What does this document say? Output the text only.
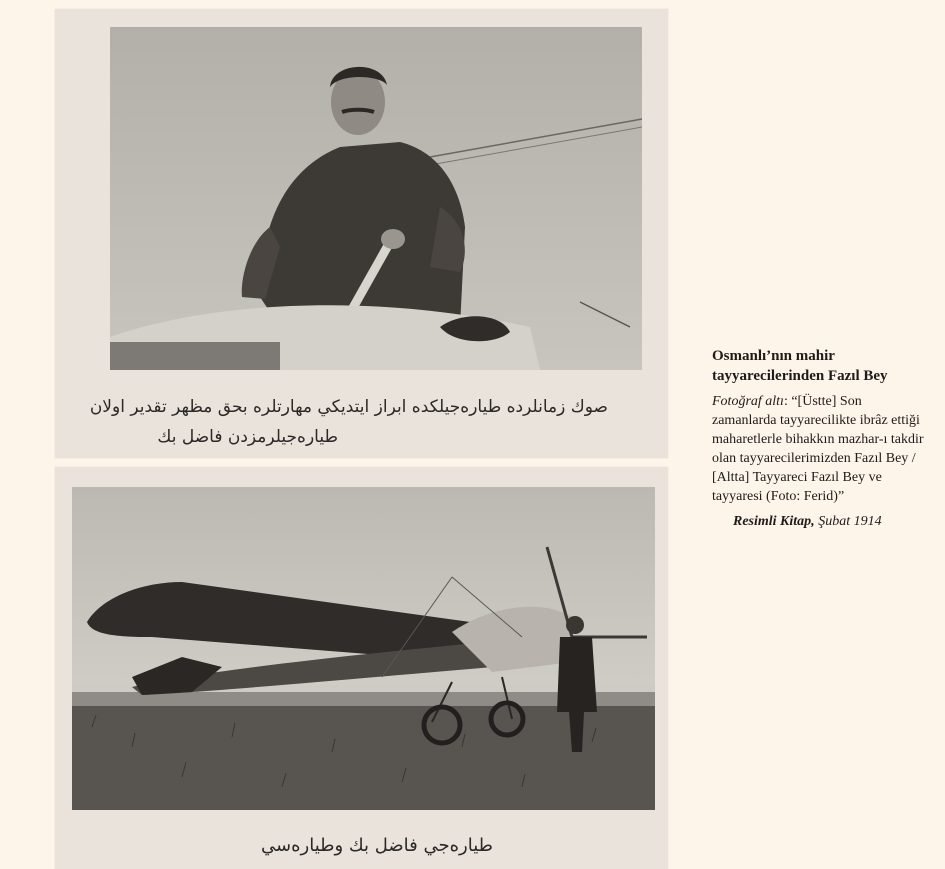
صوك زمانلرده طياره‌جيلكده ابراز ايتديكي مهارتلره بحق مظهر تقدير اولان
طياره‌جيلرمزدن فاضل بك
طياره‌جي فاضل بك وطياره‌سي

Osmanlı’nın mahir
tayyarecilerinden Fazıl Bey

Fotoğraf altı: “[Üstte] Son zamanlarda tayyarecilikte ibrâz ettiği maharetlerle bihakkın mazhar-ı takdir olan tayyarecilerimizden Fazıl Bey / [Altta] Tayyareci Fazıl Bey ve tayyaresi (Foto: Ferid)”

Resimli Kitap, Şubat 1914
